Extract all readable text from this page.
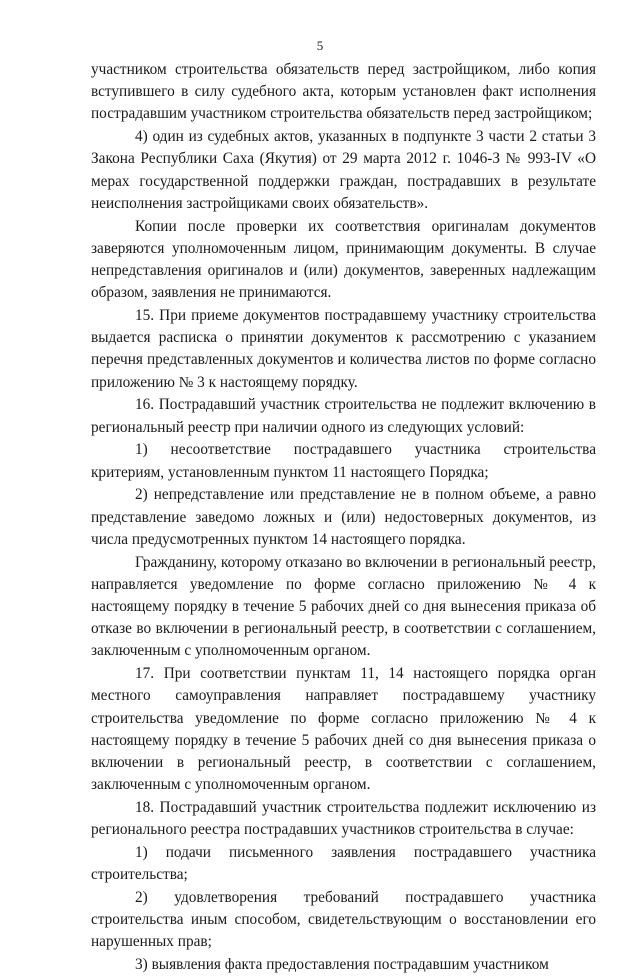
5

участником строительства обязательств перед застройщиком, либо копия вступившего в силу судебного акта, которым установлен факт исполнения пострадавшим участником строительства обязательств перед застройщиком;

4) один из судебных актов, указанных в подпункте 3 части 2 статьи 3 Закона Республики Саха (Якутия) от 29 марта 2012 г. 1046-З № 993-IV «О мерах государственной поддержки граждан, пострадавших в результате неисполнения застройщиками своих обязательств».

Копии после проверки их соответствия оригиналам документов заверяются уполномоченным лицом, принимающим документы. В случае непредставления оригиналов и (или) документов, заверенных надлежащим образом, заявления не принимаются.

15. При приеме документов пострадавшему участнику строительства выдается расписка о принятии документов к рассмотрению с указанием перечня представленных документов и количества листов по форме согласно приложению № 3 к настоящему порядку.

16. Пострадавший участник строительства не подлежит включению в региональный реестр при наличии одного из следующих условий:

1) несоответствие пострадавшего участника строительства критериям, установленным пунктом 11 настоящего Порядка;

2) непредставление или представление не в полном объеме, а равно представление заведомо ложных и (или) недостоверных документов, из числа предусмотренных пунктом 14 настоящего порядка.

Гражданину, которому отказано во включении в региональный реестр, направляется уведомление по форме согласно приложению № 4 к настоящему порядку в течение 5 рабочих дней со дня вынесения приказа об отказе во включении в региональный реестр, в соответствии с соглашением, заключенным с уполномоченным органом.

17. При соответствии пунктам 11, 14 настоящего порядка орган местного самоуправления направляет пострадавшему участнику строительства уведомление по форме согласно приложению № 4 к настоящему порядку в течение 5 рабочих дней со дня вынесения приказа о включении в региональный реестр, в соответствии с соглашением, заключенным с уполномоченным органом.

18. Пострадавший участник строительства подлежит исключению из регионального реестра пострадавших участников строительства в случае:

1) подачи письменного заявления пострадавшего участника строительства;

2) удовлетворения требований пострадавшего участника строительства иным способом, свидетельствующим о восстановлении его нарушенных прав;

3) выявления факта предоставления пострадавшим участником
